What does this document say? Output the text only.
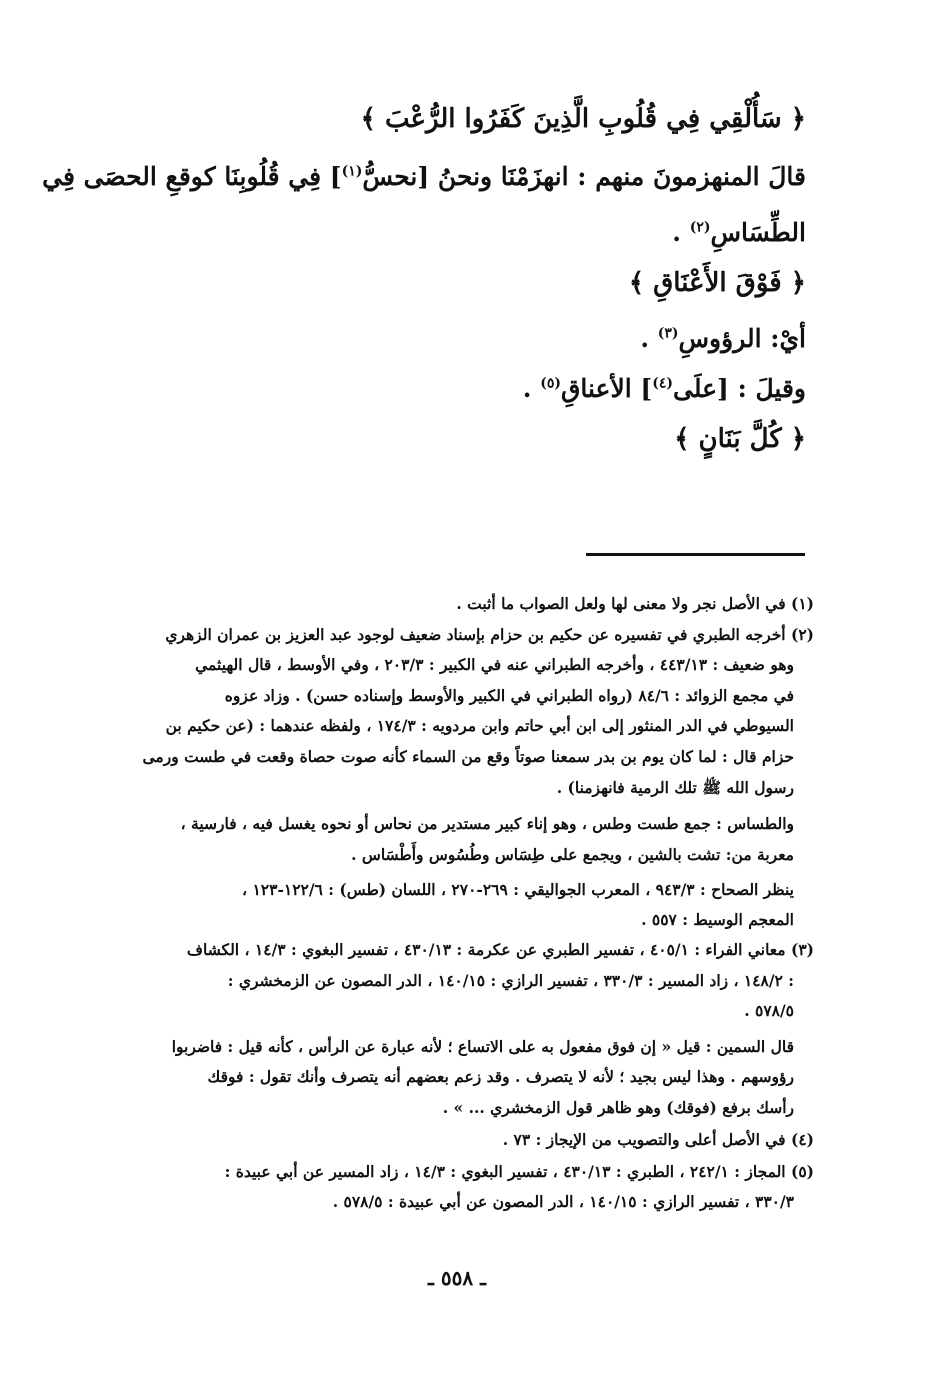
﴿ سَأُلْقِي فِي قُلُوبِ الَّذِينَ كَفَرُوا الرُّعْبَ ﴾
قالَ المنهزمونَ منهم : انهزَمْنَا ونحنُ [نحسُّ$^{(١)}$] فِي قُلُوبِنَا كوقعِ الحصَى فِي
الطِّسَاسِ$^{(٢)}$ .
﴿ فَوْقَ الأَعْنَاقِ ﴾
أيْ: الرؤوسِ$^{(٣)}$ .
وقيلَ : [علَى$^{(٤)}$] الأعناقِ$^{(٥)}$ .
﴿ كُلَّ بَنَانٍ ﴾
(١) في الأصل نجر ولا معنى لها ولعل الصواب ما أثبت .
(٢) أخرجه الطبري في تفسيره عن حكيم بن حزام بإسناد ضعيف لوجود عبد العزيز بن عمران الزهري
وهو ضعيف : ٤٤٣/١٣ ، وأخرجه الطبراني عنه في الكبير : ٢٠٣/٣ ، وفي الأوسط ، قال الهيثمي
في مجمع الزوائد : ٨٤/٦ (رواه الطبراني في الكبير والأوسط وإسناده حسن) . وزاد عزوه
السيوطي في الدر المنثور إلى ابن أبي حاتم وابن مردويه : ١٧٤/٣ ، ولفظه عندهما : (عن حكيم بن
حزام قال : لما كان يوم بن بدر سمعنا صوتاً وقع من السماء كأنه صوت حصاة وقعت في طست ورمى
رسول الله ﷺ تلك الرمية فانهزمنا) .
والطساس : جمع طست وطس ، وهو إناء كبير مستدير من نحاس أو نحوه يغسل فيه ، فارسية ،
معربة من: تشت بالشين ، ويجمع على طِسَاس وطُسُوس وأَطْسَاس .
ينظر الصحاح : ٩٤٣/٣ ، المعرب الجواليقي : ٢٦٩-٢٧٠ ، اللسان (طس) : ١٢٢/٦-١٢٣ ،
المعجم الوسيط : ٥٥٧ .
(٣) معاني الفراء : ٤٠٥/١ ، تفسير الطبري عن عكرمة : ٤٣٠/١٣ ، تفسير البغوي : ١٤/٣ ، الكشاف
: ١٤٨/٢ ، زاد المسير : ٣٣٠/٣ ، تفسير الرازي : ١٤٠/١٥ ، الدر المصون عن الزمخشري :
٥٧٨/٥ .
قال السمين : قيل « إن فوق مفعول به على الاتساع ؛ لأنه عبارة عن الرأس ، كأنه قيل : فاضربوا
رؤوسهم . وهذا ليس بجيد ؛ لأنه لا يتصرف . وقد زعم بعضهم أنه يتصرف وأنك تقول : فوقك
رأسك برفع (فوقك) وهو ظاهر قول الزمخشري ... » .
(٤) في الأصل أعلى والتصويب من الإيجاز : ٧٣ .
(٥) المجاز : ٢٤٢/١ ، الطبري : ٤٣٠/١٣ ، تفسير البغوي : ١٤/٣ ، زاد المسير عن أبي عبيدة :
٣٣٠/٣ ، تفسير الرازي : ١٤٠/١٥ ، الدر المصون عن أبي عبيدة : ٥٧٨/٥ .
ـ ٥٥٨ ـ
